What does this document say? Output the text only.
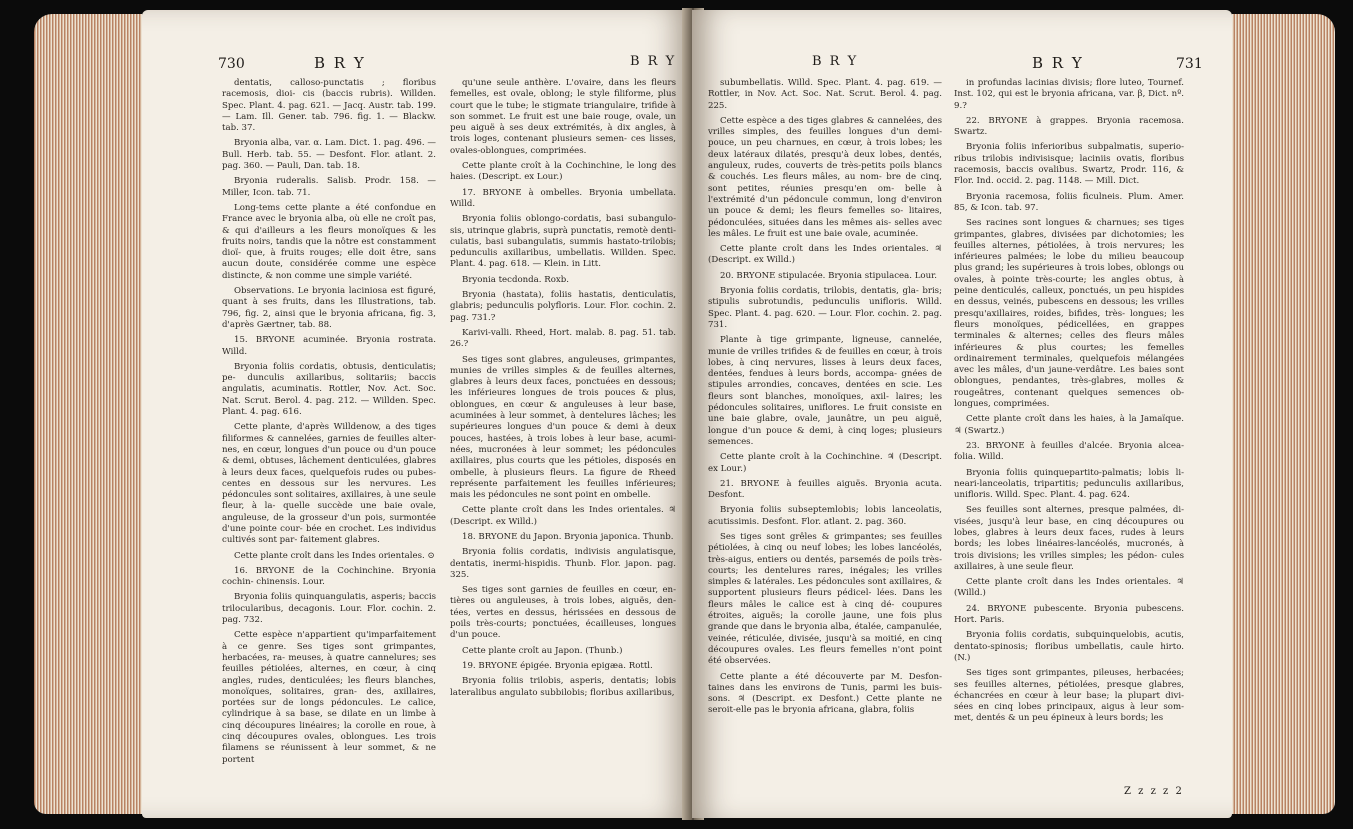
730	B R Y	B R Y

dentatis, calloso-punctatis ; floribus racemosis, dioi- cis (baccis rubris). Willden. Spec. Plant. 4. pag. 621. — Jacq. Austr. tab. 199. — Lam. Ill. Gener. tab. 796. fig. 1. — Blackw. tab. 37.

Bryonia alba, var. α. Lam. Dict. 1. pag. 496. — Bull. Herb. tab. 55. — Desfont. Flor. atlant. 2. pag. 360. — Pauli, Dan. tab. 18.

Bryonia ruderalis. Salisb. Prodr. 158. — Miller, Icon. tab. 71.

Long-tems cette plante a été confondue en France avec le bryonia alba, où elle ne croît pas, & qui d'ailleurs a les fleurs monoïques & les fruits noirs, tandis que la nôtre est constamment dioï- que, à fruits rouges; elle doit être, sans aucun doute, considérée comme une espèce distincte, & non comme une simple variété.

Observations. Le bryonia laciniosa est figuré, quant à ses fruits, dans les Illustrations, tab. 796, fig. 2, ainsi que le bryonia africana, fig. 3, d'après Gærtner, tab. 88.

15. BRYONE acuminée. Bryonia rostrata. Willd.

Bryonia foliis cordatis, obtusis, denticulatis; pe- dunculis axillaribus, solitariis; baccis angulatis, acuminatis. Rottler, Nov. Act. Soc. Nat. Scrut. Berol. 4. pag. 212. — Willden. Spec. Plant. 4. pag. 616.

Cette plante, d'après Willdenow, a des tiges filiformes & cannelées, garnies de feuilles alter- nes, en cœur, longues d'un pouce ou d'un pouce & demi, obtuses, lâchement denticulées, glabres à leurs deux faces, quelquefois rudes ou pubes- centes en dessous sur les nervures. Les pédoncules sont solitaires, axillaires, à une seule fleur, à la- quelle succède une baie ovale, anguleuse, de la grosseur d'un pois, surmontée d'une pointe cour- bée en crochet. Les individus cultivés sont par- faitement glabres.

Cette plante croît dans les Indes orientales. ⊙

16. BRYONE de la Cochinchine. Bryonia cochin- chinensis. Lour.

Bryonia foliis quinquangulatis, asperis; baccis trilocularibus, decagonis. Lour. Flor. cochin. 2. pag. 732.

Cette espèce n'appartient qu'imparfaitement à ce genre. Ses tiges sont grimpantes, herbacées, ra- meuses, à quatre cannelures; ses feuilles pétiolées, alternes, en cœur, à cinq angles, rudes, denticulées; les fleurs blanches, monoïques, solitaires, gran- des, axillaires, portées sur de longs pédoncules. Le calice, cylindrique à sa base, se dilate en un limbe à cinq découpures linéaires; la corolle en roue, à cinq découpures ovales, oblongues. Les trois filamens se réunissent à leur sommet, & ne portent

qu'une seule anthère. L'ovaire, dans les fleurs femelles, est ovale, oblong; le style filiforme, plus court que le tube; le stigmate triangulaire, trifide à son sommet. Le fruit est une baie rouge, ovale, un peu aiguë à ses deux extrémités, à dix angles, à trois loges, contenant plusieurs semen- ces lisses, ovales-oblongues, comprimées.

Cette plante croît à la Cochinchine, le long des haies. (Descript. ex Lour.)

17. BRYONE à ombelles. Bryonia umbellata. Willd.

Bryonia foliis oblongo-cordatis, basi subangulo- sis, utrinque glabris, suprà punctatis, remotè denti- culatis, basi subangulatis, summis hastato-trilobis; pedunculis axillaribus, umbellatis. Willden. Spec. Plant. 4. pag. 618. — Klein. in Litt.

Bryonia tecdonda. Roxb.

Bryonia (hastata), foliis hastatis, denticulatis, glabris; pedunculis polyfloris. Lour. Flor. cochin. 2. pag. 731.?

Karivi-valli. Rheed, Hort. malab. 8. pag. 51. tab. 26.?

Ses tiges sont glabres, anguleuses, grimpantes, munies de vrilles simples & de feuilles alternes, glabres à leurs deux faces, ponctuées en dessous; les inférieures longues de trois pouces & plus, oblongues, en cœur & anguleuses à leur base, acuminées à leur sommet, à dentelures lâches; les supérieures longues d'un pouce & demi à deux pouces, hastées, à trois lobes à leur base, acumi- nées, mucronées à leur sommet; les pédoncules axillaires, plus courts que les pétioles, disposés en ombelle, à plusieurs fleurs. La figure de Rheed représente parfaitement les feuilles inférieures; mais les pédoncules ne sont point en ombelle.

Cette plante croît dans les Indes orientales. ♃ (Descript. ex Willd.)

18. BRYONE du Japon. Bryonia japonica. Thunb.

Bryonia foliis cordatis, indivisis angulatisque, dentatis, inermi-hispidis. Thunb. Flor. japon. pag. 325.

Ses tiges sont garnies de feuilles en cœur, en- tières ou anguleuses, à trois lobes, aiguës, den- tées, vertes en dessus, hérissées en dessous de poils très-courts; ponctuées, écailleuses, longues d'un pouce.

Cette plante croît au Japon. (Thunb.)

19. BRYONE épigée. Bryonia epigæa. Rottl.

Bryonia foliis trilobis, asperis, dentatis; lobis lateralibus angulato subbilobis; floribus axillaribus,

B R Y	B R Y	731

subumbellatis. Willd. Spec. Plant. 4. pag. 619. — Rottler, in Nov. Act. Soc. Nat. Scrut. Berol. 4. pag. 225.

Cette espèce a des tiges glabres & cannelées, des vrilles simples, des feuilles longues d'un demi- pouce, un peu charnues, en cœur, à trois lobes; les deux latéraux dilatés, presqu'à deux lobes, dentés, anguleux, rudes, couverts de très-petits poils blancs & couchés. Les fleurs mâles, au nom- bre de cinq, sont petites, réunies presqu'en om- belle à l'extrémité d'un pédoncule commun, long d'environ un pouce & demi; les fleurs femelles so- litaires, pédonculées, situées dans les mêmes ais- selles avec les mâles. Le fruit est une baie ovale, acuminée.

Cette plante croît dans les Indes orientales. ♃ (Descript. ex Willd.)

20. BRYONE stipulacée. Bryonia stipulacea. Lour.

Bryonia foliis cordatis, trilobis, dentatis, gla- bris; stipulis subrotundis, pedunculis unifloris. Willd. Spec. Plant. 4. pag. 620. — Lour. Flor. cochin. 2. pag. 731.

Plante à tige grimpante, ligneuse, cannelée, munie de vrilles trifides & de feuilles en cœur, à trois lobes, à cinq nervures, lisses à leurs deux faces, dentées, fendues à leurs bords, accompa- gnées de stipules arrondies, concaves, dentées en scie. Les fleurs sont blanches, monoïques, axil- laires; les pédoncules solitaires, uniflores. Le fruit consiste en une baie glabre, ovale, jaunâtre, un peu aiguë, longue d'un pouce & demi, à cinq loges; plusieurs semences.

Cette plante croît à la Cochinchine. ♃ (Descript. ex Lour.)

21. BRYONE à feuilles aiguës. Bryonia acuta. Desfont.

Bryonia foliis subseptemlobis; lobis lanceolatis, acutissimis. Desfont. Flor. atlant. 2. pag. 360.

Ses tiges sont grêles & grimpantes; ses feuilles pétiolées, à cinq ou neuf lobes; les lobes lancéolés, très-aigus, entiers ou dentés, parsemés de poils très-courts; les dentelures rares, inégales; les vrilles simples & latérales. Les pédoncules sont axillaires, & supportent plusieurs fleurs pédicel- lées. Dans les fleurs mâles le calice est à cinq dé- coupures étroites, aiguës; la corolle jaune, une fois plus grande que dans le bryonia alba, étalée, campanulée, veinée, réticulée, divisée, jusqu'à sa moitié, en cinq découpures ovales. Les fleurs femelles n'ont point été observées.

Cette plante a été découverte par M. Desfon- taines dans les environs de Tunis, parmi les buis- sons. ♃ (Descript. ex Desfont.) Cette plante ne seroit-elle pas le bryonia africana, glabra, foliis

in profundas lacinias divisis; flore luteo, Tournef. Inst. 102, qui est le bryonia africana, var. β, Dict. nº. 9.?

22. BRYONE à grappes. Bryonia racemosa. Swartz.

Bryonia foliis inferioribus subpalmatis, superio- ribus trilobis indivisisque; laciniis ovatis, floribus racemosis, baccis ovalibus. Swartz, Prodr. 116, & Flor. Ind. occid. 2. pag. 1148. — Mill. Dict.

Bryonia racemosa, foliis ficulneis. Plum. Amer. 85, & Icon. tab. 97.

Ses racines sont longues & charnues; ses tiges grimpantes, glabres, divisées par dichotomies; les feuilles alternes, pétiolées, à trois nervures; les inférieures palmées; le lobe du milieu beaucoup plus grand; les supérieures à trois lobes, oblongs ou ovales, à pointe très-courte; les angles obtus, à peine denticulés, calleux, ponctués, un peu hispides en dessus, veinés, pubescens en dessous; les vrilles presqu'axillaires, roides, bifides, très- longues; les fleurs monoïques, pédicellées, en grappes terminales & alternes; celles des fleurs mâles inférieures & plus courtes; les femelles ordinairement terminales, quelquefois mélangées avec les mâles, d'un jaune-verdâtre. Les baies sont oblongues, pendantes, très-glabres, molles & rougeâtres, contenant quelques semences ob- longues, comprimées.

Cette plante croît dans les haies, à la Jamaïque. ♃ (Swartz.)

23. BRYONE à feuilles d'alcée. Bryonia alcea- folia. Willd.

Bryonia foliis quinquepartito-palmatis; lobis li- neari-lanceolatis, tripartitis; pedunculis axillaribus, unifloris. Willd. Spec. Plant. 4. pag. 624.

Ses feuilles sont alternes, presque palmées, di- visées, jusqu'à leur base, en cinq découpures ou lobes, glabres à leurs deux faces, rudes à leurs bords; les lobes linéaires-lancéolés, mucronés, à trois divisions; les vrilles simples; les pédon- cules axillaires, à une seule fleur.

Cette plante croît dans les Indes orientales. ♃ (Willd.)

24. BRYONE pubescente. Bryonia pubescens. Hort. Paris.

Bryonia foliis cordatis, subquinquelobis, acutis, dentato-spinosis; floribus umbellatis, caule hirto. (N.)

Ses tiges sont grimpantes, pileuses, herbacées; ses feuilles alternes, pétiolées, presque glabres, échancrées en cœur à leur base; la plupart divi- sées en cinq lobes principaux, aigus à leur som- met, dentés & un peu épineux à leurs bords; les

Z z z z 2
